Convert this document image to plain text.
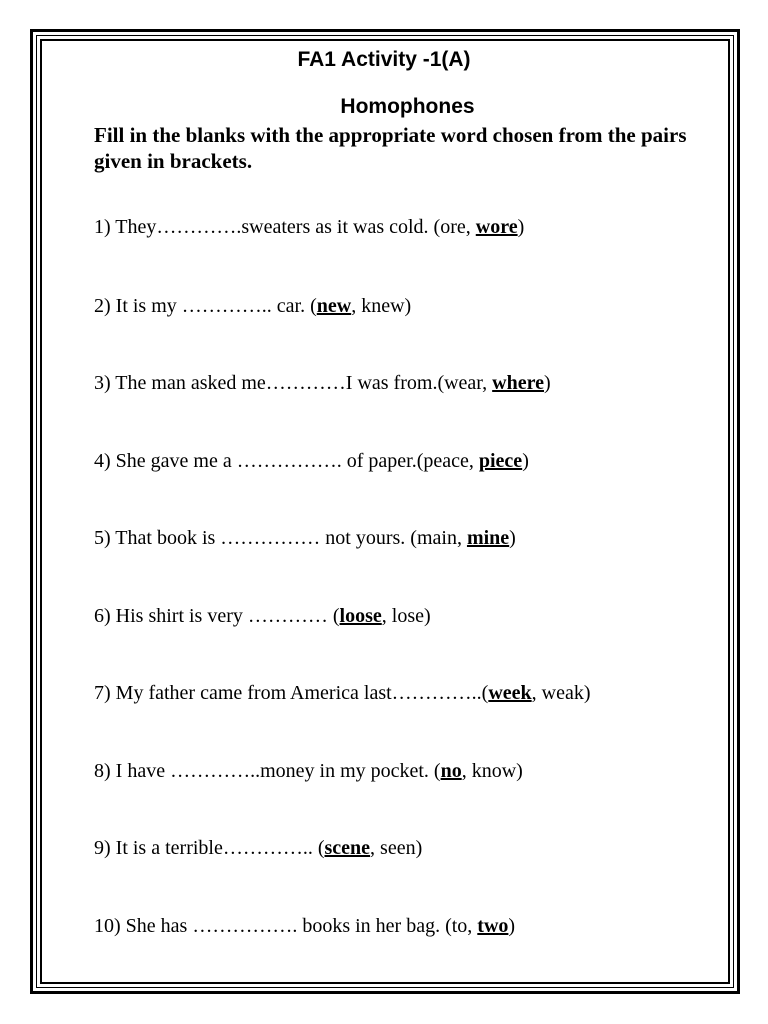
FA1 Activity -1(A)
Homophones

Fill in the blanks with the appropriate word chosen from the pairs given in brackets.

1) They………….sweaters as it was cold. (ore, wore)
2) It is my ………….. car. (new, knew)
3) The man asked me…………I was from.(wear, where)
4) She gave me a ……………. of paper.(peace, piece)
5) That book is …………… not yours. (main, mine)
6) His shirt is very ………… (loose, lose)
7) My father came from America last…………..(week, weak)
8) I have …………..money in my pocket. (no, know)
9) It is a terrible………….. (scene, seen)
10) She has ……………. books in her bag. (to, two)
